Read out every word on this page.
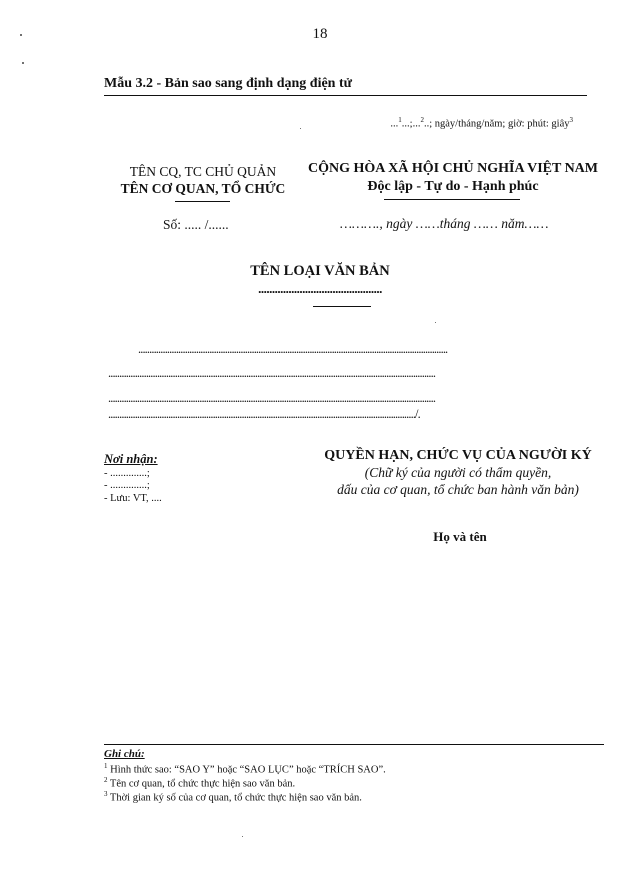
18
Mẫu 3.2 - Bản sao sang định dạng điện tử
...$^1$...;...$^2$..; ngày/tháng/năm; giờ: phút: giây$^3$
TÊN CQ, TC CHỦ QUẢN
TÊN CƠ QUAN, TỔ CHỨC
Số: ..... /......
CỘNG HÒA XÃ HỘI CHỦ NGHĨA VIỆT NAM
Độc lập - Tự do - Hạnh phúc
………., ngày ……tháng …… năm……
TÊN LOẠI VĂN BẢN
.............................................
...........................................................................................................................................
...................................................................................................................................................
...................................................................................................................................................
........................................................................................................................................../.
Nơi nhận:
- ..............;
- ..............;
- Lưu: VT, ....
QUYỀN HẠN, CHỨC VỤ CỦA NGƯỜI KÝ
(Chữ ký của người có thẩm quyền,
dấu của cơ quan, tổ chức ban hành văn bản)
Họ và tên
Ghi chú:
$^1$ Hình thức sao: “SAO Y” hoặc “SAO LỤC” hoặc “TRÍCH SAO”.
$^2$ Tên cơ quan, tổ chức thực hiện sao văn bản.
$^3$ Thời gian ký số của cơ quan, tổ chức thực hiện sao văn bản.
